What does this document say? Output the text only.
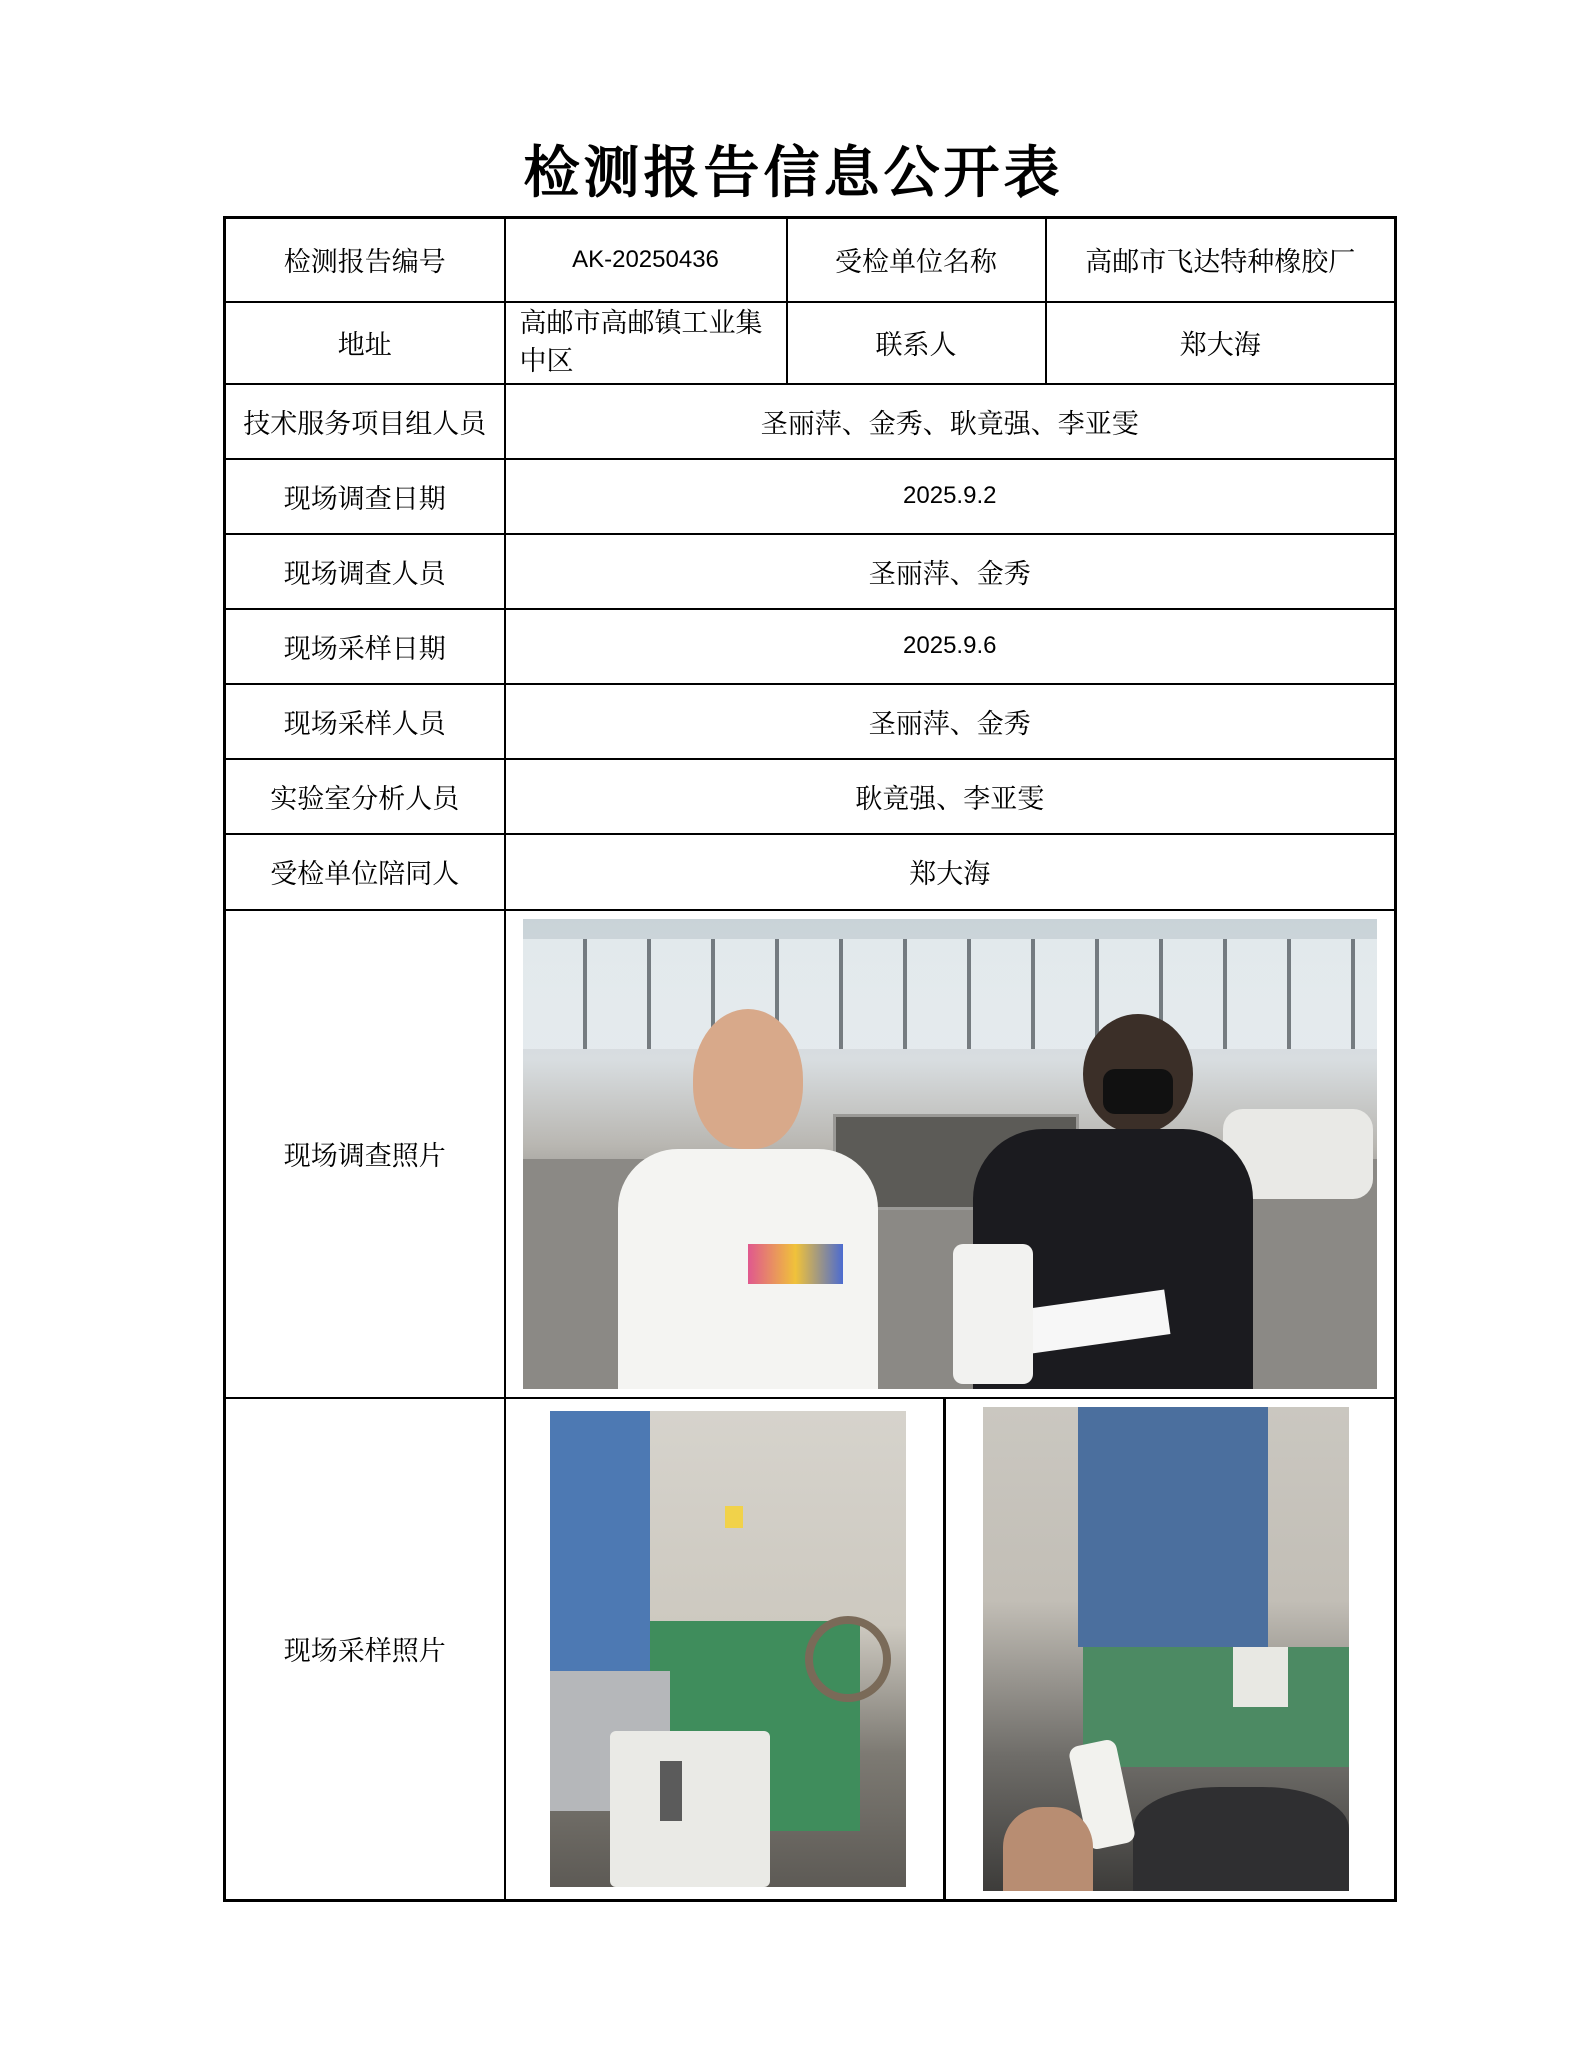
检测报告信息公开表
检测报告编号	AK-20250436	受检单位名称	高邮市飞达特种橡胶厂
地址	高邮市高邮镇工业集中区	联系人	郑大海
技术服务项目组人员	圣丽萍、金秀、耿竟强、李亚雯		
现场调查日期	2025.9.2		
现场调查人员	圣丽萍、金秀		
现场采样日期	2025.9.6		
现场采样人员	圣丽萍、金秀		
实验室分析人员	耿竟强、李亚雯		
受检单位陪同人	郑大海		
现场调查照片			

现场采样照片			
